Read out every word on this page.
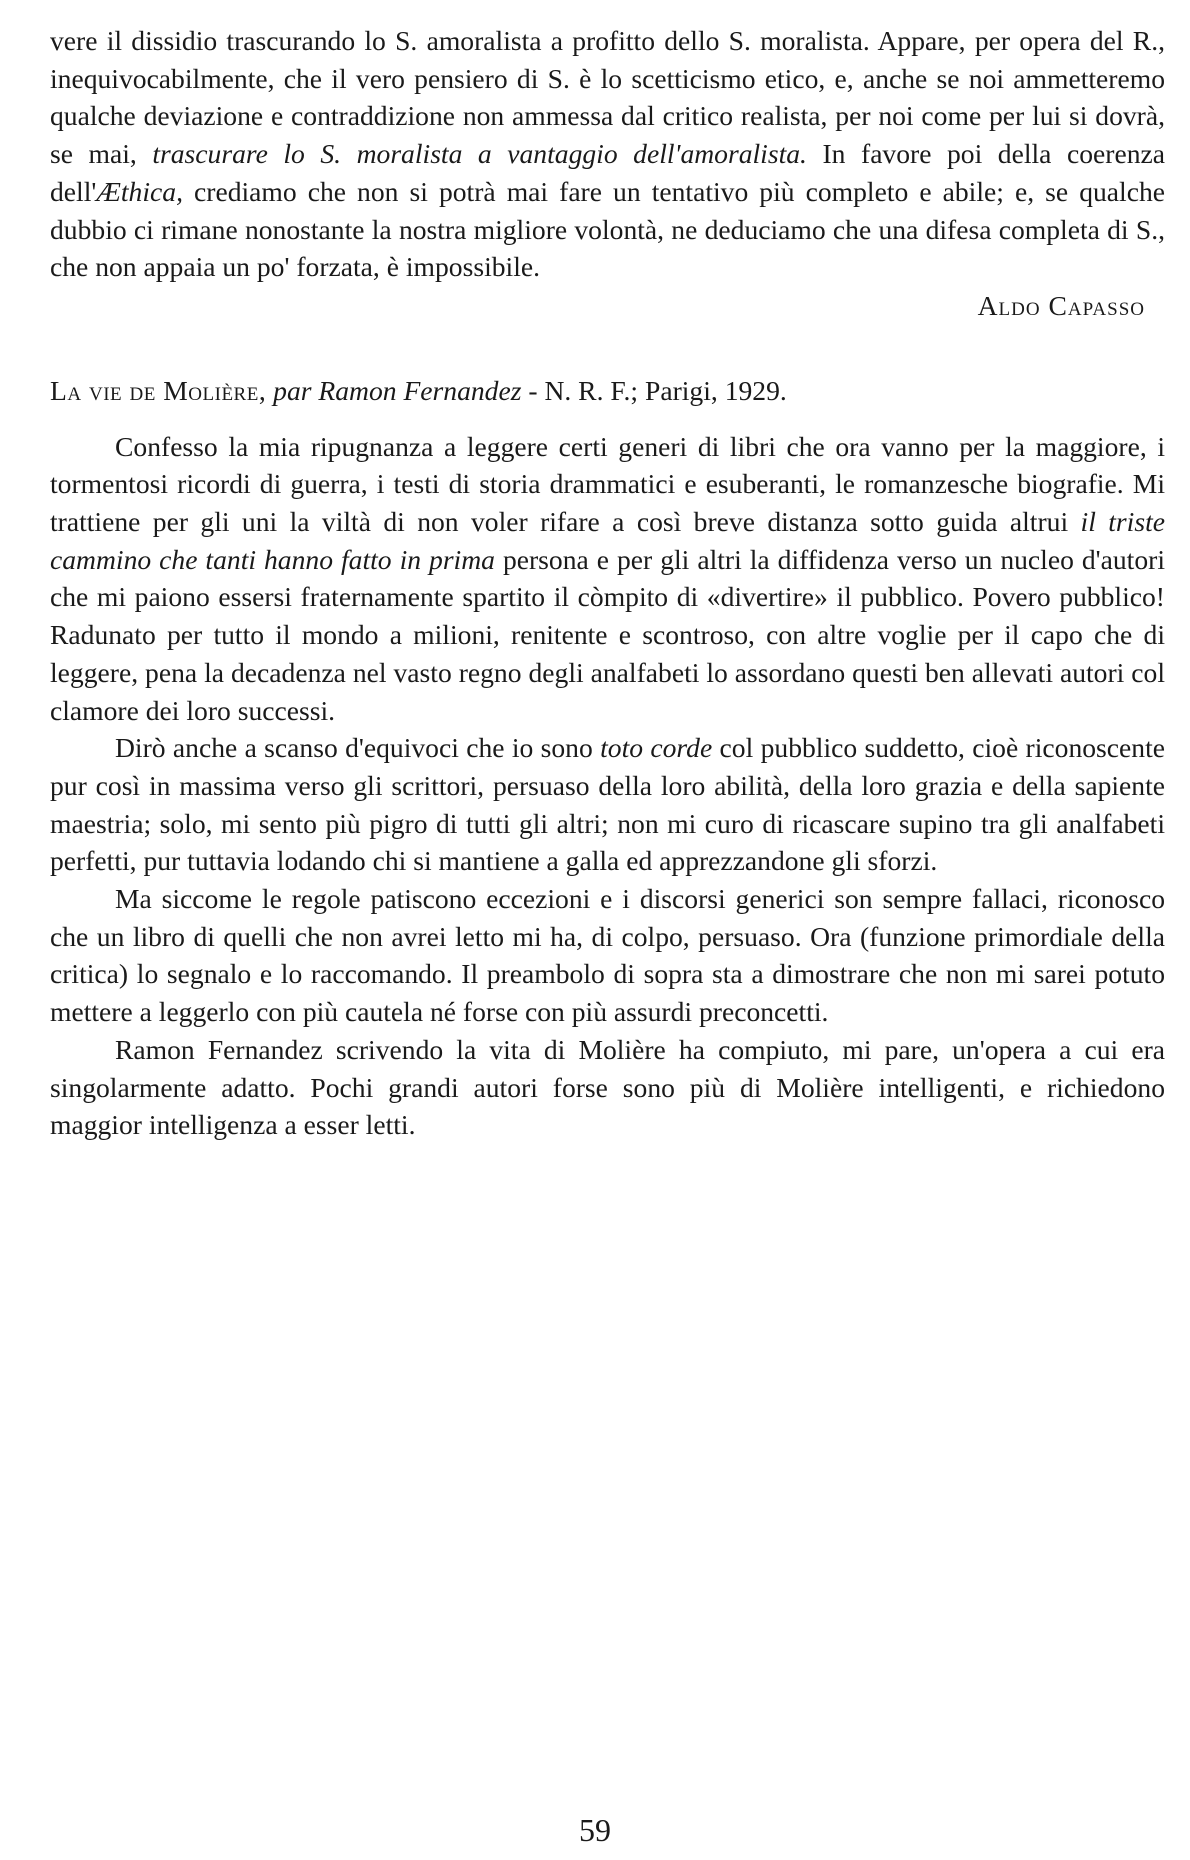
vere il dissidio trascurando lo S. amoralista a profitto dello S. moralista. Appare, per opera del R., inequivocabilmente, che il vero pensiero di S. è lo scetticismo etico, e, anche se noi ammetteremo qualche deviazione e contraddizione non ammessa dal critico realista, per noi come per lui si dovrà, se mai, trascurare lo S. moralista a vantaggio dell'amoralista. In favore poi della coerenza dell'Æthica, crediamo che non si potrà mai fare un tentativo più completo e abile; e, se qualche dubbio ci rimane nonostante la nostra migliore volontà, ne deduciamo che una difesa completa di S., che non appaia un po' forzata, è impossibile.

Aldo Capasso

La vie de Molière, par Ramon Fernandez - N. R. F.; Parigi, 1929.

Confesso la mia ripugnanza a leggere certi generi di libri che ora vanno per la maggiore, i tormentosi ricordi di guerra, i testi di storia drammatici e esuberanti, le romanzesche biografie. Mi trattiene per gli uni la viltà di non voler rifare a così breve distanza sotto guida altrui il triste cammino che tanti hanno fatto in prima persona e per gli altri la diffidenza verso un nucleo d'autori che mi paiono essersi fraternamente spartito il còmpito di «divertire» il pubblico. Povero pubblico! Radunato per tutto il mondo a milioni, renitente e scontroso, con altre voglie per il capo che di leggere, pena la decadenza nel vasto regno degli analfabeti lo assordano questi ben allevati autori col clamore dei loro successi.

Dirò anche a scanso d'equivoci che io sono toto corde col pubblico suddetto, cioè riconoscente pur così in massima verso gli scrittori, persuaso della loro abilità, della loro grazia e della sapiente maestria; solo, mi sento più pigro di tutti gli altri; non mi curo di ricascare supino tra gli analfabeti perfetti, pur tuttavia lodando chi si mantiene a galla ed apprezzandone gli sforzi.

Ma siccome le regole patiscono eccezioni e i discorsi generici son sempre fallaci, riconosco che un libro di quelli che non avrei letto mi ha, di colpo, persuaso. Ora (funzione primordiale della critica) lo segnalo e lo raccomando. Il preambolo di sopra sta a dimostrare che non mi sarei potuto mettere a leggerlo con più cautela né forse con più assurdi preconcetti.

Ramon Fernandez scrivendo la vita di Molière ha compiuto, mi pare, un'opera a cui era singolarmente adatto. Pochi grandi autori forse sono più di Molière intelligenti, e richiedono maggior intelligenza a esser letti.

59
